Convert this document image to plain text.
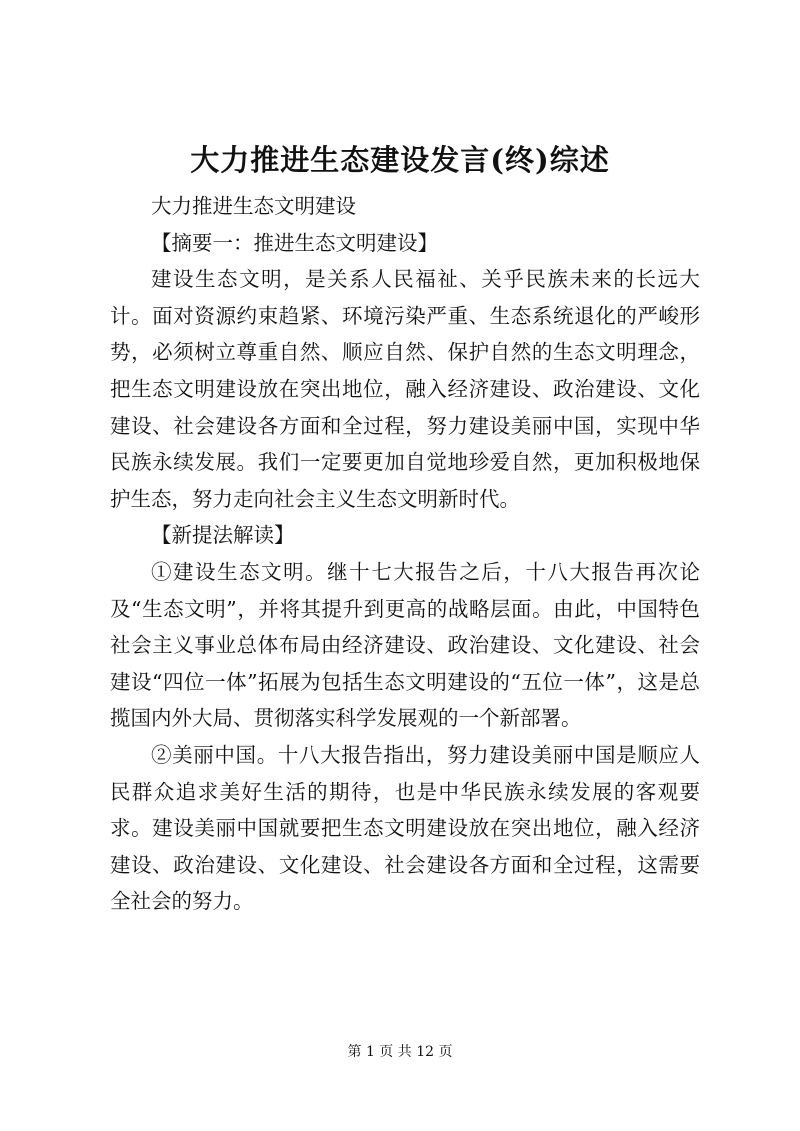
大力推进生态建设发言(终)综述

大力推进生态文明建设

【摘要一：推进生态文明建设】

建设生态文明，是关系人民福祉、关乎民族未来的长远大计。面对资源约束趋紧、环境污染严重、生态系统退化的严峻形势，必须树立尊重自然、顺应自然、保护自然的生态文明理念，把生态文明建设放在突出地位，融入经济建设、政治建设、文化建设、社会建设各方面和全过程，努力建设美丽中国，实现中华民族永续发展。我们一定要更加自觉地珍爱自然，更加积极地保护生态，努力走向社会主义生态文明新时代。

【新提法解读】

①建设生态文明。继十七大报告之后，十八大报告再次论及“生态文明”，并将其提升到更高的战略层面。由此，中国特色社会主义事业总体布局由经济建设、政治建设、文化建设、社会建设“四位一体”拓展为包括生态文明建设的“五位一体”，这是总揽国内外大局、贯彻落实科学发展观的一个新部署。

②美丽中国。十八大报告指出，努力建设美丽中国是顺应人民群众追求美好生活的期待，也是中华民族永续发展的客观要求。建设美丽中国就要把生态文明建设放在突出地位，融入经济建设、政治建设、文化建设、社会建设各方面和全过程，这需要全社会的努力。

第 1 页 共 12 页
